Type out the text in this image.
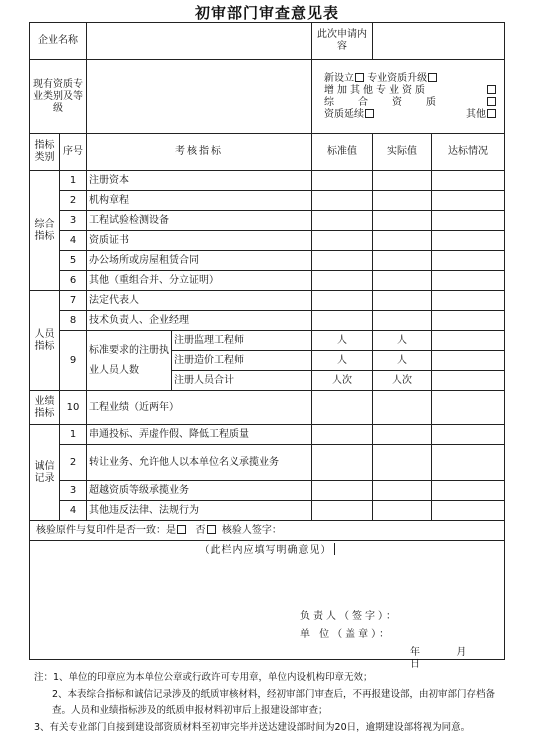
初审部门审查意见表
企业名称				此次申请内容		
现有资质专业类别及等级				新设立 专业资质升级
增加其他专业资质
综合资质
资质延续 其他		

指标类别	序号	考核指标		标准值	实际值	达标情况
综合指标	1	注册资本				
	2	机构章程				
	3	工程试验检测设备				
	4	资质证书				
	5	办公场所或房屋租赁合同				
	6	其他（重组合并、分立证明）				
人员指标	7	法定代表人				
	8	技术负责人、企业经理				
	9	标准要求的注册执业人员人数	注册监理工程师	人	人	
			注册造价工程师	人	人	
			注册人员合计	人次	人次	
业绩指标	10	工程业绩（近两年）				
诚信记录	1	串通投标、弄虚作假、降低工程质量				
	2	转让业务、允许他人以本单位名义承揽业务				
	3	超越资质等级承揽业务				
	4	其他违反法律、法规行为				
核验原件与复印件是否一致：是 否 核验人签字：						

（此栏内应填写明确意见）
负责人（签字）：
单 位（盖章）：
年 月  日						

注：1、单位的印章应为本单位公章或行政许可专用章，单位内设机构印章无效；

2、本表综合指标和诚信记录涉及的纸质审核材料，经初审部门审查后，不再报建设部，由初审部门存档备查。人员和业绩指标涉及的纸质申报材料初审后上报建设部审查；

3、有关专业部门自接到建设部资质材料至初审完毕并送达建设部时间为20日，逾期建设部将视为同意。
